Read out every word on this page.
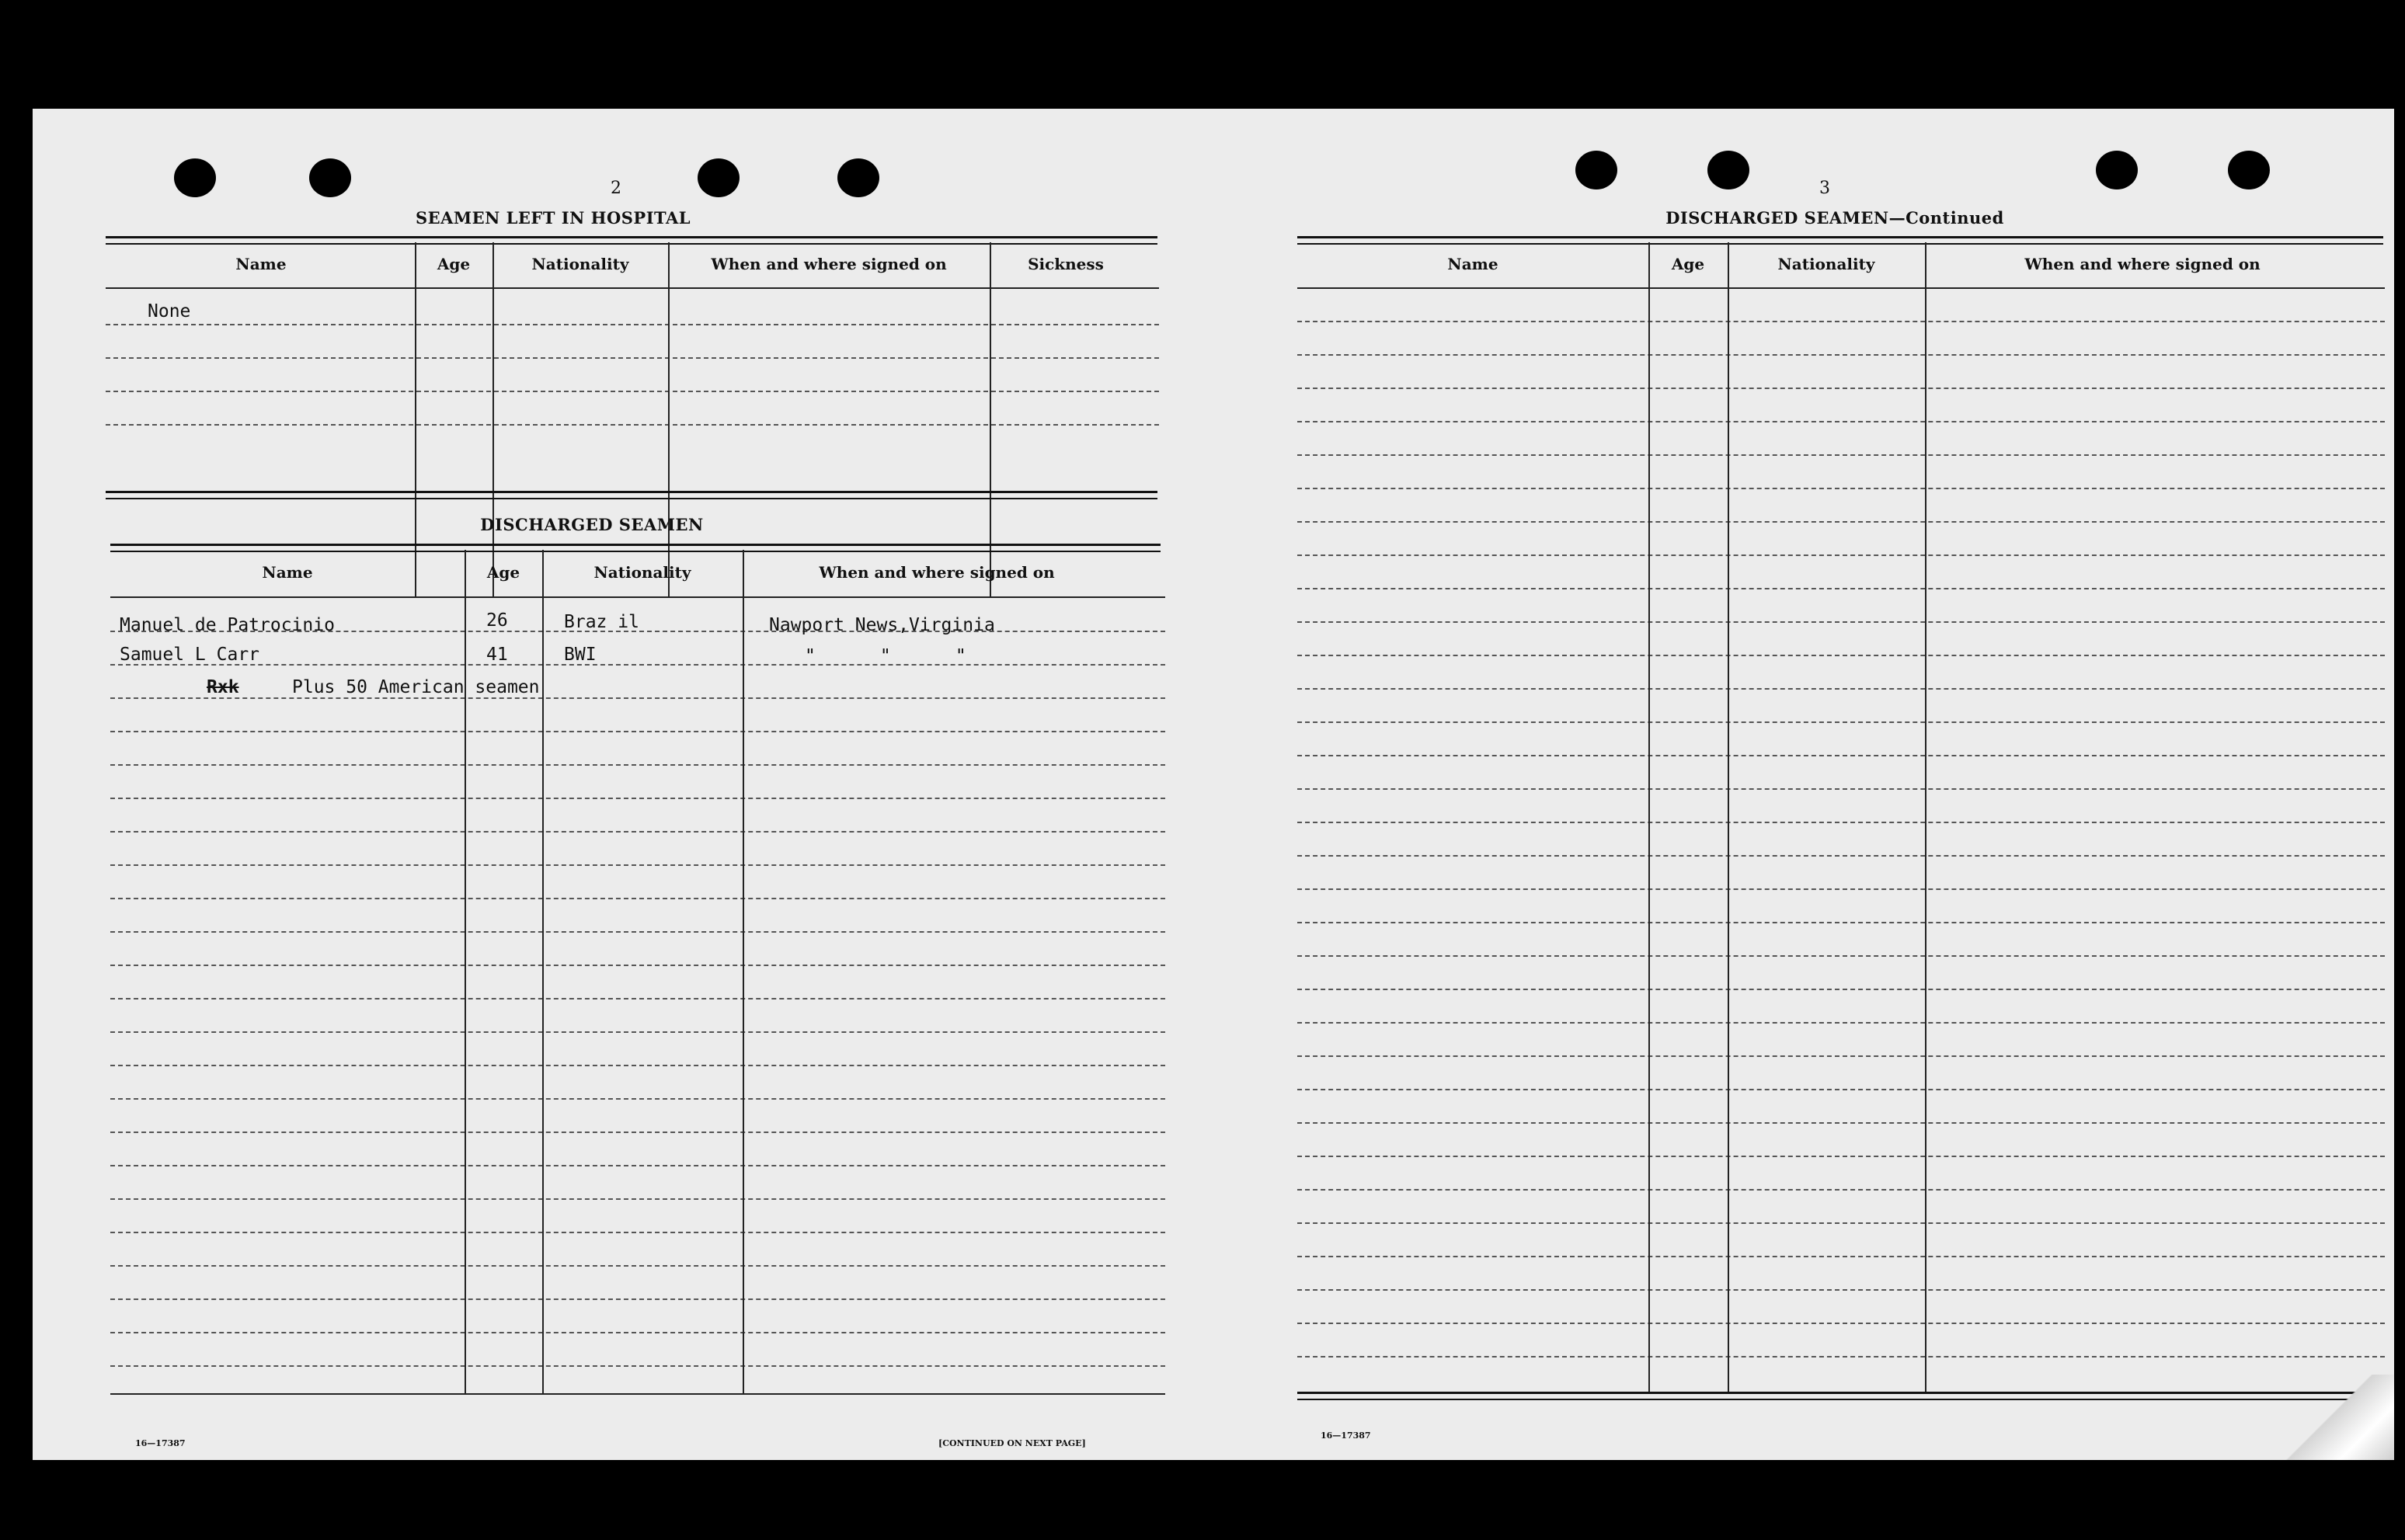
2
SEAMEN LEFT IN HOSPITAL
Name	Age	Nationality	When and where signed on	Sickness
None
DISCHARGED SEAMEN
Name	Age	Nationality	When and where signed on
Manuel de Patrocinio	26	Braz il	Nawport News,Virginia
Samuel L Carr	41	BWI	"      "      "
Rxk	Plus 50 American seamen
16—17387	[CONTINUED ON NEXT PAGE]
3
DISCHARGED SEAMEN—Continued
Name	Age	Nationality	When and where signed on
16—17387
